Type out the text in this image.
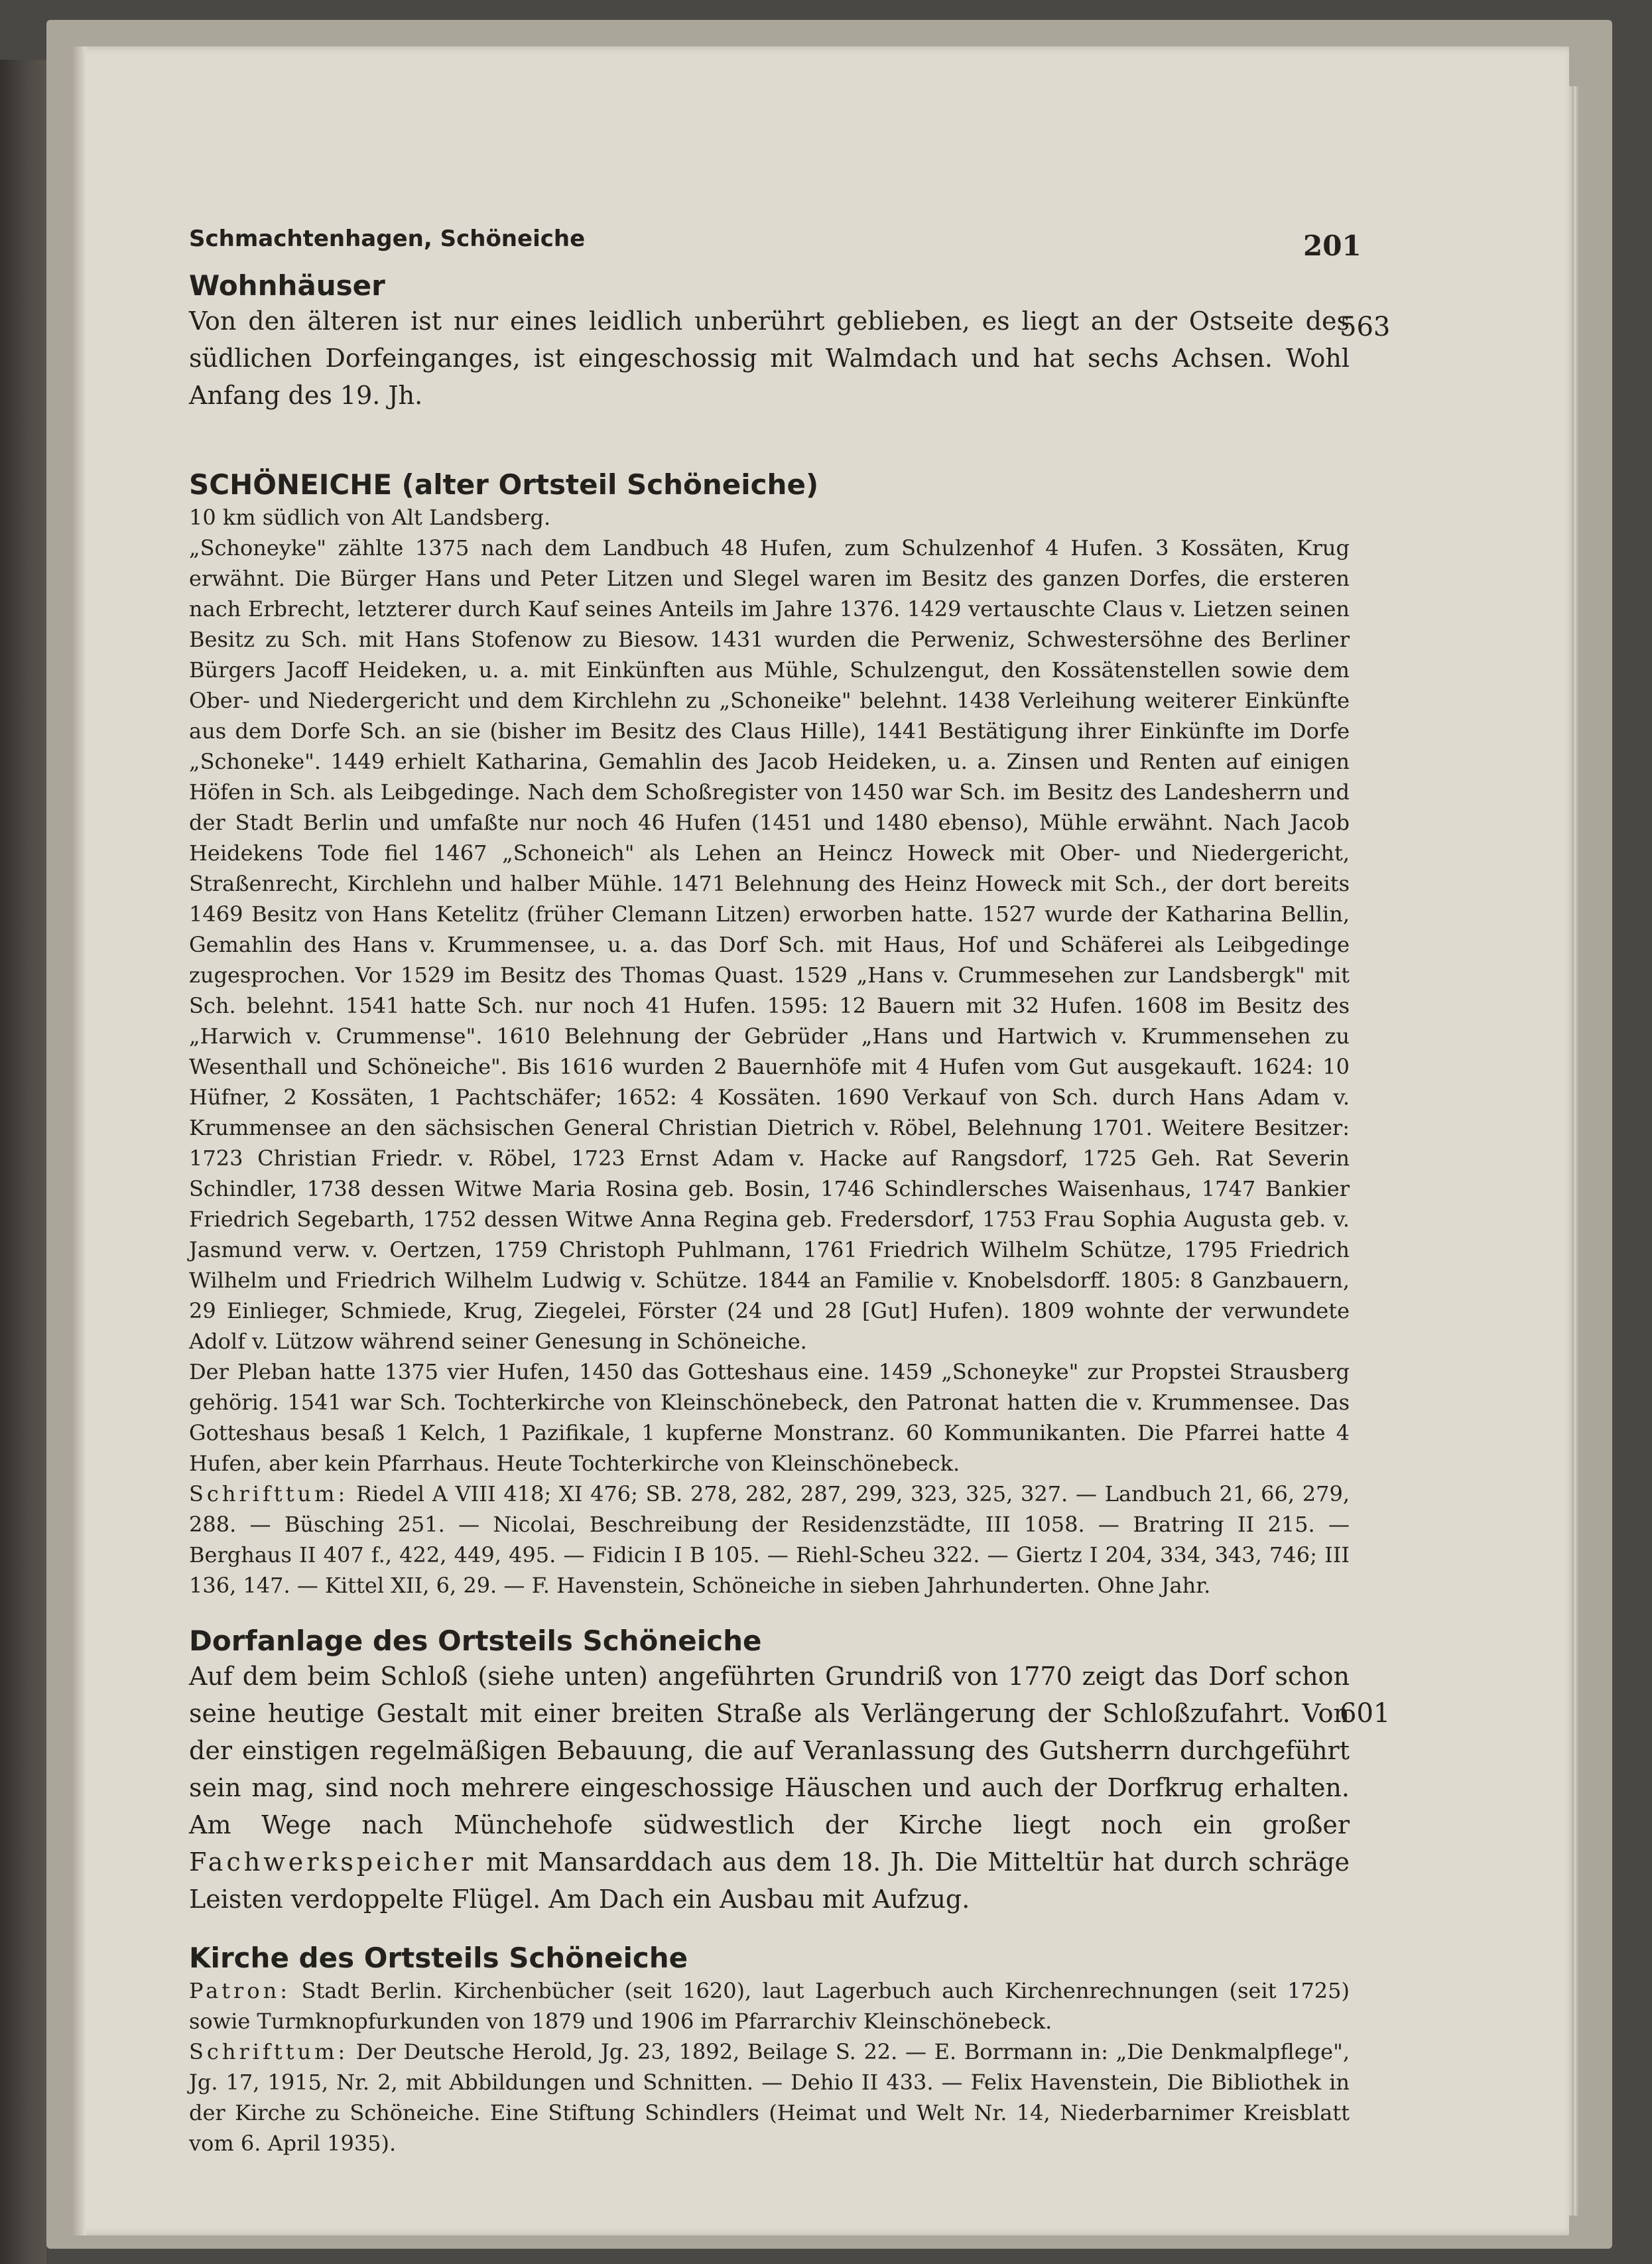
Schmachtenhagen, Schöneiche	201
563
601
Wohnhäuser

Von den älteren ist nur eines leidlich unberührt geblieben, es liegt an der Ostseite des südlichen Dorfeinganges, ist eingeschossig mit Walmdach und hat sechs Achsen. Wohl Anfang des 19. Jh.

SCHÖNEICHE (alter Ortsteil Schöneiche)

10 km südlich von Alt Landsberg.

„Schoneyke" zählte 1375 nach dem Landbuch 48 Hufen, zum Schulzenhof 4 Hufen. 3 Kossäten, Krug erwähnt. Die Bürger Hans und Peter Litzen und Slegel waren im Besitz des ganzen Dorfes, die ersteren nach Erbrecht, letzterer durch Kauf seines Anteils im Jahre 1376. 1429 vertauschte Claus v. Lietzen seinen Besitz zu Sch. mit Hans Stofenow zu Biesow. 1431 wurden die Perweniz, Schwestersöhne des Berliner Bürgers Jacoff Heideken, u. a. mit Einkünften aus Mühle, Schulzengut, den Kossätenstellen sowie dem Ober- und Niedergericht und dem Kirchlehn zu „Schoneike" belehnt. 1438 Verleihung weiterer Einkünfte aus dem Dorfe Sch. an sie (bisher im Besitz des Claus Hille), 1441 Bestätigung ihrer Einkünfte im Dorfe „Schoneke". 1449 erhielt Katharina, Gemahlin des Jacob Heideken, u. a. Zinsen und Renten auf einigen Höfen in Sch. als Leibgedinge. Nach dem Schoßregister von 1450 war Sch. im Besitz des Landesherrn und der Stadt Berlin und umfaßte nur noch 46 Hufen (1451 und 1480 ebenso), Mühle erwähnt. Nach Jacob Heidekens Tode fiel 1467 „Schoneich" als Lehen an Heincz Howeck mit Ober- und Niedergericht, Straßenrecht, Kirchlehn und halber Mühle. 1471 Belehnung des Heinz Howeck mit Sch., der dort bereits 1469 Besitz von Hans Ketelitz (früher Clemann Litzen) erworben hatte. 1527 wurde der Katharina Bellin, Gemahlin des Hans v. Krummensee, u. a. das Dorf Sch. mit Haus, Hof und Schäferei als Leibgedinge zugesprochen. Vor 1529 im Besitz des Thomas Quast. 1529 „Hans v. Crummesehen zur Landsbergk" mit Sch. belehnt. 1541 hatte Sch. nur noch 41 Hufen. 1595: 12 Bauern mit 32 Hufen. 1608 im Besitz des „Harwich v. Crummense". 1610 Belehnung der Gebrüder „Hans und Hartwich v. Krummensehen zu Wesenthall und Schöneiche". Bis 1616 wurden 2 Bauernhöfe mit 4 Hufen vom Gut ausgekauft. 1624: 10 Hüfner, 2 Kossäten, 1 Pachtschäfer; 1652: 4 Kossäten. 1690 Verkauf von Sch. durch Hans Adam v. Krummensee an den sächsischen General Christian Dietrich v. Röbel, Belehnung 1701. Weitere Besitzer: 1723 Christian Friedr. v. Röbel, 1723 Ernst Adam v. Hacke auf Rangsdorf, 1725 Geh. Rat Severin Schindler, 1738 dessen Witwe Maria Rosina geb. Bosin, 1746 Schindlersches Waisenhaus, 1747 Bankier Friedrich Segebarth, 1752 dessen Witwe Anna Regina geb. Fredersdorf, 1753 Frau Sophia Augusta geb. v. Jasmund verw. v. Oertzen, 1759 Christoph Puhlmann, 1761 Friedrich Wilhelm Schütze, 1795 Friedrich Wilhelm und Friedrich Wilhelm Ludwig v. Schütze. 1844 an Familie v. Knobelsdorff. 1805: 8 Ganzbauern, 29 Einlieger, Schmiede, Krug, Ziegelei, Förster (24 und 28 [Gut] Hufen). 1809 wohnte der verwundete Adolf v. Lützow während seiner Genesung in Schöneiche.

Der Pleban hatte 1375 vier Hufen, 1450 das Gotteshaus eine. 1459 „Schoneyke" zur Propstei Strausberg gehörig. 1541 war Sch. Tochterkirche von Kleinschönebeck, den Patronat hatten die v. Krummensee. Das Gotteshaus besaß 1 Kelch, 1 Pazifikale, 1 kupferne Monstranz. 60 Kommunikanten. Die Pfarrei hatte 4 Hufen, aber kein Pfarrhaus. Heute Tochterkirche von Kleinschönebeck.

Schrifttum: Riedel A VIII 418; XI 476; SB. 278, 282, 287, 299, 323, 325, 327. — Landbuch 21, 66, 279, 288. — Büsching 251. — Nicolai, Beschreibung der Residenzstädte, III 1058. — Bratring II 215. — Berghaus II 407 f., 422, 449, 495. — Fidicin I B 105. — Riehl-Scheu 322. — Giertz I 204, 334, 343, 746; III 136, 147. — Kittel XII, 6, 29. — F. Havenstein, Schöneiche in sieben Jahrhunderten. Ohne Jahr.

Dorfanlage des Ortsteils Schöneiche

Auf dem beim Schloß (siehe unten) angeführten Grundriß von 1770 zeigt das Dorf schon seine heutige Gestalt mit einer breiten Straße als Verlängerung der Schloßzufahrt. Von der einstigen regelmäßigen Bebauung, die auf Veranlassung des Gutsherrn durchgeführt sein mag, sind noch mehrere eingeschossige Häuschen und auch der Dorfkrug erhalten. Am Wege nach Münchehofe südwestlich der Kirche liegt noch ein großer Fachwerkspeicher mit Mansarddach aus dem 18. Jh. Die Mitteltür hat durch schräge Leisten verdoppelte Flügel. Am Dach ein Ausbau mit Aufzug.

Kirche des Ortsteils Schöneiche

Patron: Stadt Berlin. Kirchenbücher (seit 1620), laut Lagerbuch auch Kirchenrechnungen (seit 1725) sowie Turmknopfurkunden von 1879 und 1906 im Pfarrarchiv Kleinschönebeck.

Schrifttum: Der Deutsche Herold, Jg. 23, 1892, Beilage S. 22. — E. Borrmann in: „Die Denkmalpflege", Jg. 17, 1915, Nr. 2, mit Abbildungen und Schnitten. — Dehio II 433. — Felix Havenstein, Die Bibliothek in der Kirche zu Schöneiche. Eine Stiftung Schindlers (Heimat und Welt Nr. 14, Niederbarnimer Kreisblatt vom 6. April 1935).
